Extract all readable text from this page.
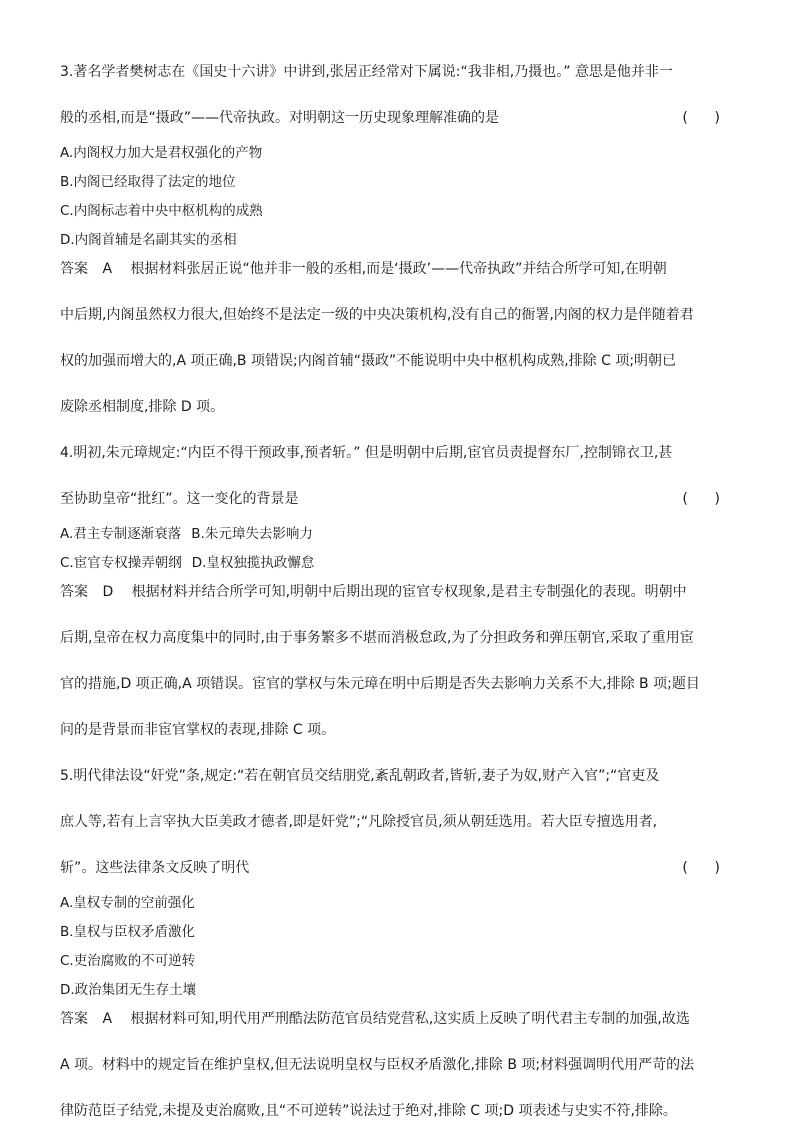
3.著名学者樊树志在《国史十六讲》中讲到,张居正经常对下属说:“我非相,乃摄也。” 意思是他并非一
般的丞相,而是“摄政”——代帝执政。对明朝这一历史现象理解准确的是	(      )
A.内阁权力加大是君权强化的产物
B.内阁已经取得了法定的地位
C.内阁标志着中央中枢机构的成熟
D.内阁首辅是名副其实的丞相
答案 A 根据材料张居正说“他并非一般的丞相,而是‘摄政’——代帝执政”并结合所学可知,在明朝
中后期,内阁虽然权力很大,但始终不是法定一级的中央决策机构,没有自己的衙署,内阁的权力是伴随着君
权的加强而增大的,A 项正确,B 项错误;内阁首辅“摄政”不能说明中央中枢机构成熟,排除 C 项;明朝已
废除丞相制度,排除 D 项。
4.明初,朱元璋规定:“内臣不得干预政事,预者斩。” 但是明朝中后期,宦官员责提督东厂,控制锦衣卫,甚
至协助皇帝“批红”。这一变化的背景是	(      )
A.君主专制逐渐衰落 B.朱元璋失去影响力
C.宦官专权操弄朝纲 D.皇权独揽执政懈怠
答案 D 根据材料并结合所学可知,明朝中后期出现的宦官专权现象,是君主专制强化的表现。明朝中
后期,皇帝在权力高度集中的同时,由于事务繁多不堪而消极怠政,为了分担政务和弹压朝官,采取了重用宦
官的措施,D 项正确,A 项错误。宦官的掌权与朱元璋在明中后期是否失去影响力关系不大,排除 B 项;题目
问的是背景而非宦官掌权的表现,排除 C 项。
5.明代律法设“奸党”条,规定:“若在朝官员交结朋党,紊乱朝政者,皆斩,妻子为奴,财产入官”;“官吏及
庶人等,若有上言宰执大臣美政才德者,即是奸党”;“凡除授官员,须从朝廷选用。若大臣专擅选用者,
斩”。这些法律条文反映了明代	(      )
A.皇权专制的空前强化
B.皇权与臣权矛盾激化
C.吏治腐败的不可逆转
D.政治集团无生存土壤
答案 A 根据材料可知,明代用严刑酷法防范官员结党营私,这实质上反映了明代君主专制的加强,故选
A 项。材料中的规定旨在维护皇权,但无法说明皇权与臣权矛盾激化,排除 B 项;材料强调明代用严苛的法
律防范臣子结党,未提及吏治腐败,且“不可逆转”说法过于绝对,排除 C 项;D 项表述与史实不符,排除。
